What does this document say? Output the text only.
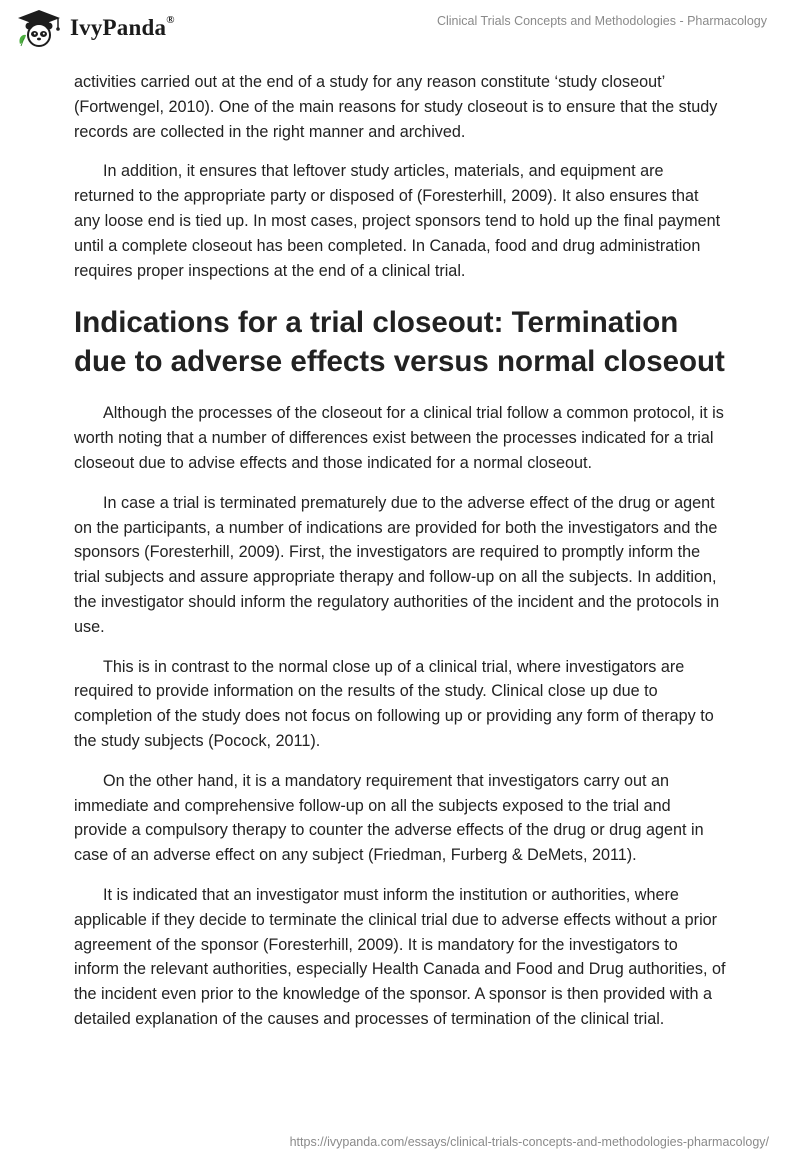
IvyPanda®	Clinical Trials Concepts and Methodologies - Pharmacology

activities carried out at the end of a study for any reason constitute ‘study closeout’ (Fortwengel, 2010). One of the main reasons for study closeout is to ensure that the study records are collected in the right manner and archived.

In addition, it ensures that leftover study articles, materials, and equipment are returned to the appropriate party or disposed of (Foresterhill, 2009). It also ensures that any loose end is tied up. In most cases, project sponsors tend to hold up the final payment until a complete closeout has been completed. In Canada, food and drug administration requires proper inspections at the end of a clinical trial.

Indications for a trial closeout: Termination due to adverse effects versus normal closeout

Although the processes of the closeout for a clinical trial follow a common protocol, it is worth noting that a number of differences exist between the processes indicated for a trial closeout due to advise effects and those indicated for a normal closeout.

In case a trial is terminated prematurely due to the adverse effect of the drug or agent on the participants, a number of indications are provided for both the investigators and the sponsors (Foresterhill, 2009). First, the investigators are required to promptly inform the trial subjects and assure appropriate therapy and follow-up on all the subjects. In addition, the investigator should inform the regulatory authorities of the incident and the protocols in use.

This is in contrast to the normal close up of a clinical trial, where investigators are required to provide information on the results of the study. Clinical close up due to completion of the study does not focus on following up or providing any form of therapy to the study subjects (Pocock, 2011).

On the other hand, it is a mandatory requirement that investigators carry out an immediate and comprehensive follow-up on all the subjects exposed to the trial and provide a compulsory therapy to counter the adverse effects of the drug or drug agent in case of an adverse effect on any subject (Friedman, Furberg & DeMets, 2011).

It is indicated that an investigator must inform the institution or authorities, where applicable if they decide to terminate the clinical trial due to adverse effects without a prior agreement of the sponsor (Foresterhill, 2009). It is mandatory for the investigators to inform the relevant authorities, especially Health Canada and Food and Drug authorities, of the incident even prior to the knowledge of the sponsor. A sponsor is then provided with a detailed explanation of the causes and processes of termination of the clinical trial.

https://ivypanda.com/essays/clinical-trials-concepts-and-methodologies-pharmacology/
